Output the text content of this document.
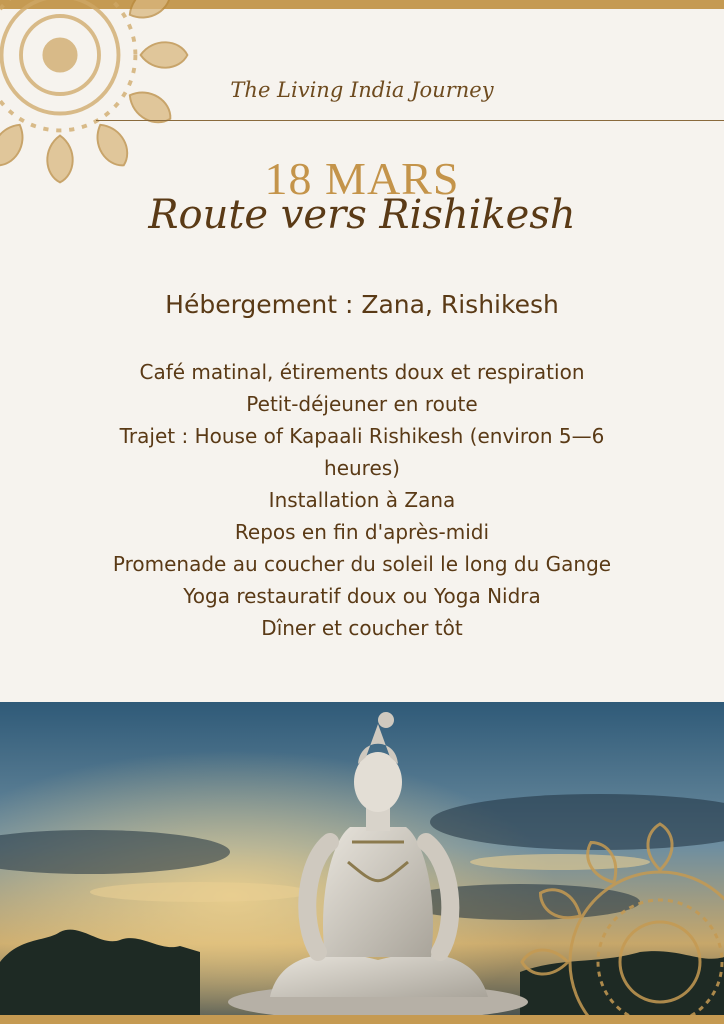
The Living India Journey
18 MARS
Route vers Rishikesh
Hébergement : Zana, Rishikesh
Café matinal, étirements doux et respiration
Petit-déjeuner en route
Trajet : House of Kapaali Rishikesh (environ 5—6 heures)
Installation à Zana
Repos en fin d'après-midi
Promenade au coucher du soleil le long du Gange
Yoga restauratif doux ou Yoga Nidra
Dîner et coucher tôt
